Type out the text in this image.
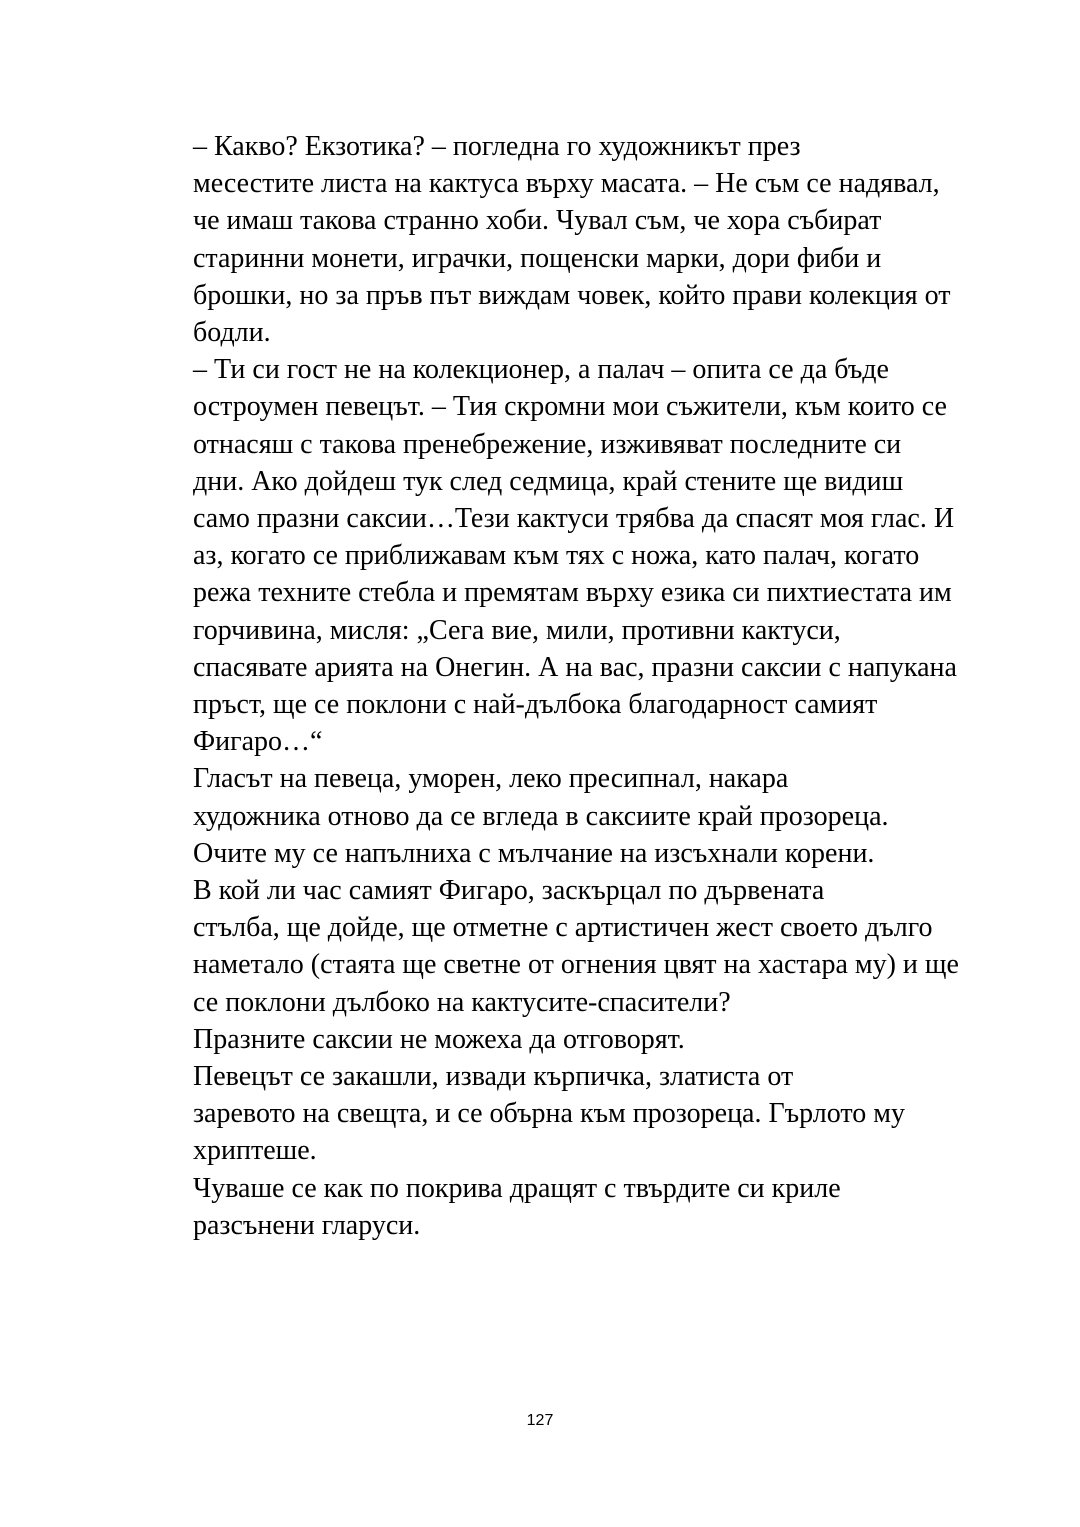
– Какво? Екзотика? – погледна го художникът през
месестите листа на кактуса върху масата. – Не съм се надявал,
че имаш такова странно хоби. Чувал съм, че хора събират
старинни монети, играчки, пощенски марки, дори фиби и
брошки, но за пръв път виждам човек, който прави колекция от
бодли.

– Ти си гост не на колекционер, а палач – опита се да бъде
остроумен певецът. – Тия скромни мои съжители, към които се
отнасяш с такова пренебрежение, изживяват последните си
дни. Ако дойдеш тук след седмица, край стените ще видиш
само празни саксии…Тези кактуси трябва да спасят моя глас. И
аз, когато се приближавам към тях с ножа, като палач, когато
режа техните стебла и премятам върху езика си пихтиестата им
горчивина, мисля: „Сега вие, мили, противни кактуси,
спасявате арията на Онегин. А на вас, празни саксии с напукана
пръст, ще се поклони с най-дълбока благодарност самият
Фигаро…“

Гласът на певеца, уморен, леко пресипнал, накара
художника отново да се вгледа в саксиите край прозореца.
Очите му се напълниха с мълчание на изсъхнали корени.

В кой ли час самият Фигаро, заскърцал по дървената
стълба, ще дойде, ще отметне с артистичен жест своето дълго
наметало (стаята ще светне от огнения цвят на хастара му) и ще
се поклони дълбоко на кактусите-спасители?

Празните саксии не можеха да отговорят.

Певецът се закашли, извади кърпичка, златиста от
заревото на свещта, и се обърна към прозореца. Гърлото му
хриптеше.

Чуваше се как по покрива дращят с твърдите си криле
разсънени гларуси.

127
